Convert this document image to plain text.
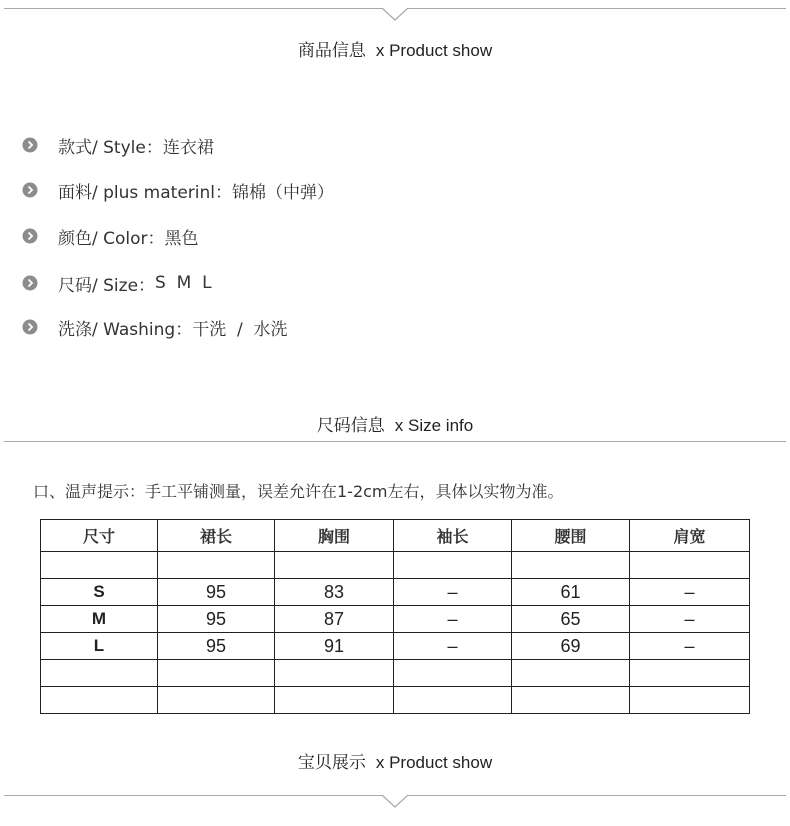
商品信息 x Product show
款式/ Style： 连衣裙
面料/ plus materinl： 锦棉（中弹）
颜色/ Color： 黑色
尺码/ Size： S  M  L
洗涤/ Washing： 干洗  /  水洗
尺码信息 x Size info
口、温声提示：手工平铺测量，误差允许在1-2cm左右，具体以实物为准。
尺寸	裙长	胸围	袖长	腰围	肩宽

S	95	83	–	61	–
M	95	87	–	65	–
L	95	91	–	69	–

宝贝展示 x Product show
